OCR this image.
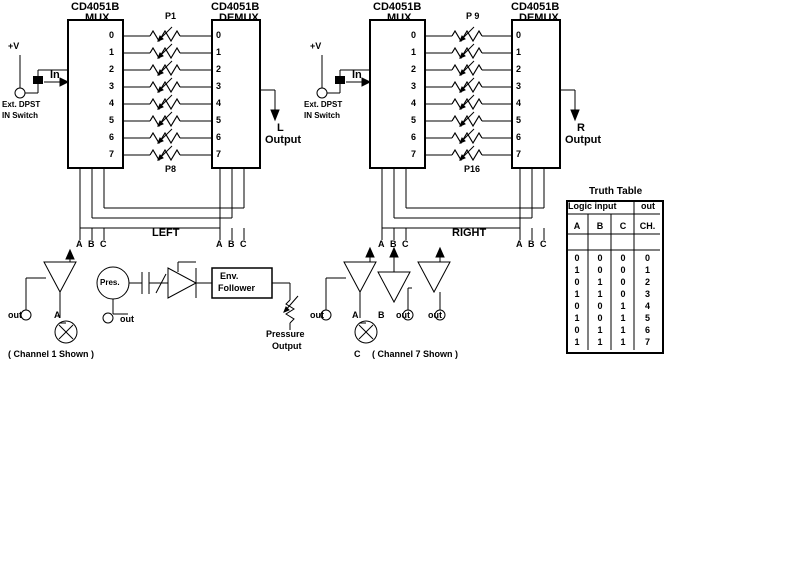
Truth Table
Logic input	out
A	B	C	CH.
0	0	0	0
1	0	0	1
0	1	0	2
1	1	0	3
0	0	1	4
1	0	1	5
0	1	1	6
1	1	1	7
CD4051B
MUX
CD4051B
DEMUX
0
1
2
3
4
5
6
7
0
1
2
3
4
5
6
7
+V
In
Ext. DPST
IN Switch
P1
P8
L
Output
LEFT
A B C	A B C
out	A
Pres.
out
Env.
Follower
Pressure
Output
( Channel 1 Shown )
CD4051B
MUX
CD4051B
DEMUX
0
1
2
3
4
5
6
7
0
1
2
3
4
5
6
7
+V
In
Ext. DPST
IN Switch
P 9
P16
R
Output
RIGHT
A B C	A B C
out	out out
A B
C ( Channel 7 Shown )
